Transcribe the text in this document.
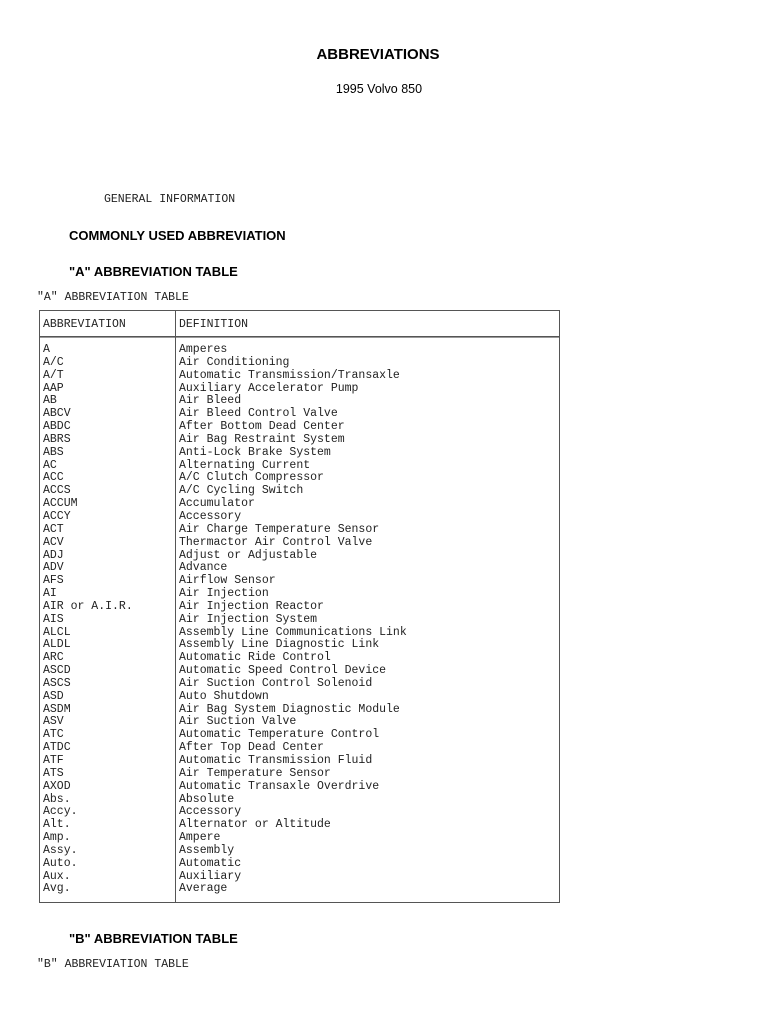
ABBREVIATIONS
1995 Volvo 850
GENERAL INFORMATION
COMMONLY USED ABBREVIATION
"A" ABBREVIATION TABLE
"A" ABBREVIATION TABLE
ABBREVIATION	DEFINITION
A	Amperes
A/C	Air Conditioning
A/T	Automatic Transmission/Transaxle
AAP	Auxiliary Accelerator Pump
AB	Air Bleed
ABCV	Air Bleed Control Valve
ABDC	After Bottom Dead Center
ABRS	Air Bag Restraint System
ABS	Anti-Lock Brake System
AC	Alternating Current
ACC	A/C Clutch Compressor
ACCS	A/C Cycling Switch
ACCUM	Accumulator
ACCY	Accessory
ACT	Air Charge Temperature Sensor
ACV	Thermactor Air Control Valve
ADJ	Adjust or Adjustable
ADV	Advance
AFS	Airflow Sensor
AI	Air Injection
AIR or A.I.R.	Air Injection Reactor
AIS	Air Injection System
ALCL	Assembly Line Communications Link
ALDL	Assembly Line Diagnostic Link
ARC	Automatic Ride Control
ASCD	Automatic Speed Control Device
ASCS	Air Suction Control Solenoid
ASD	Auto Shutdown
ASDM	Air Bag System Diagnostic Module
ASV	Air Suction Valve
ATC	Automatic Temperature Control
ATDC	After Top Dead Center
ATF	Automatic Transmission Fluid
ATS	Air Temperature Sensor
AXOD	Automatic Transaxle Overdrive
Abs.	Absolute
Accy.	Accessory
Alt.	Alternator or Altitude
Amp.	Ampere
Assy.	Assembly
Auto.	Automatic
Aux.	Auxiliary
Avg.	Average
"B" ABBREVIATION TABLE
"B" ABBREVIATION TABLE
